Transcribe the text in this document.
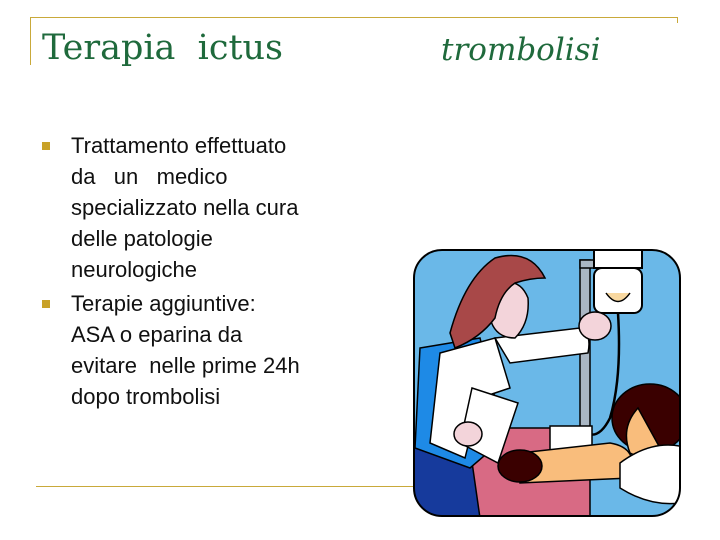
Terapia  ictus	trombolisi
Trattamento effettuato
da   un   medico
specializzato nella cura
delle patologie
neurologiche
Terapie aggiuntive:
ASA o eparina da
evitare  nelle prime 24h
dopo trombolisi
